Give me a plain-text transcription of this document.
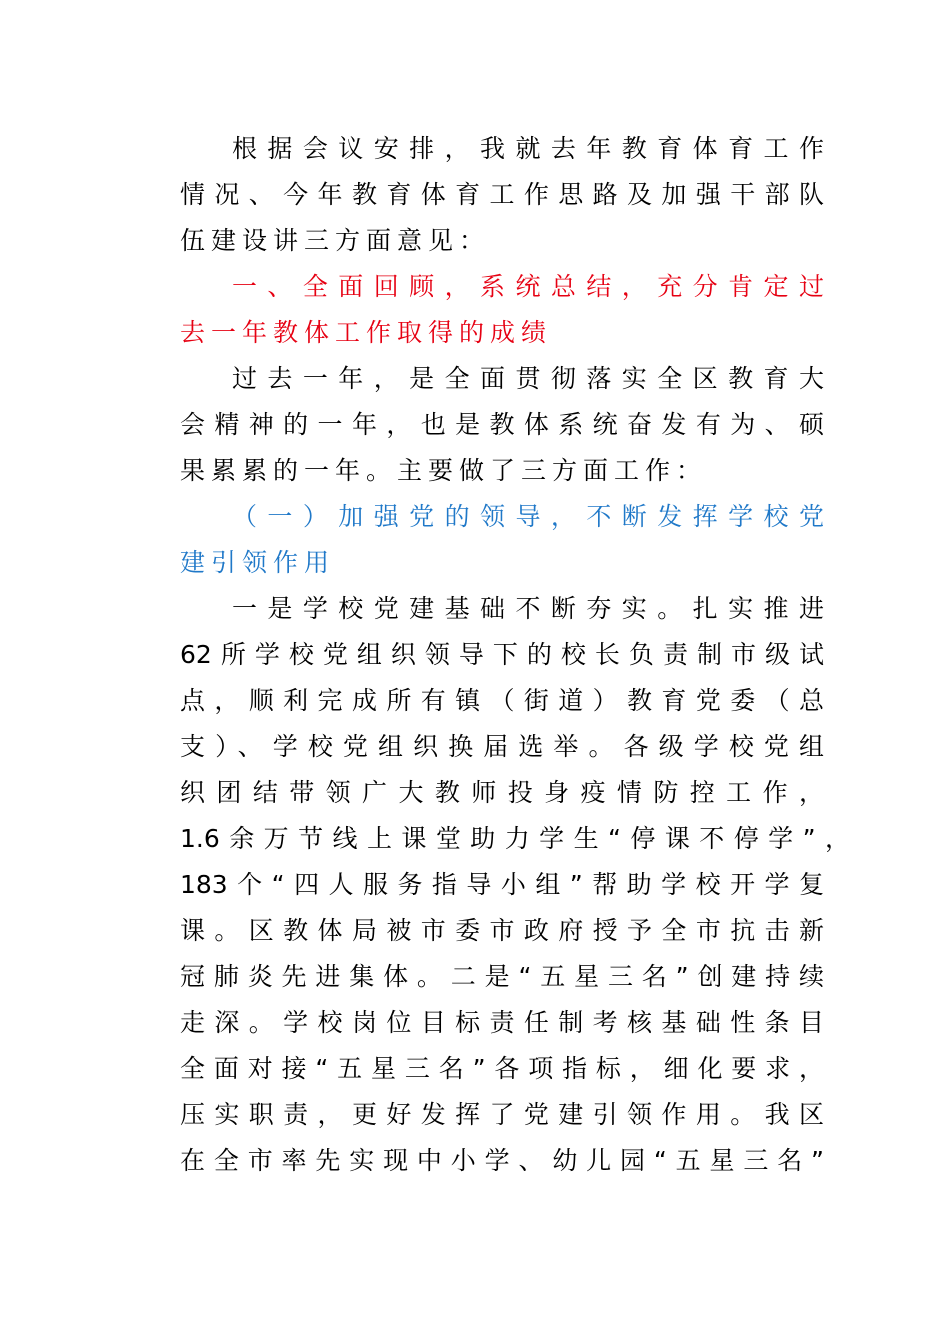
根据会议安排，我就去年教育体育工作
情况、今年教育体育工作思路及加强干部队
伍建设讲三方面意见：
一、全面回顾，系统总结，充分肯定过
去一年教体工作取得的成绩
过去一年，是全面贯彻落实全区教育大
会精神的一年，也是教体系统奋发有为、硕
果累累的一年。主要做了三方面工作：
（一）加强党的领导，不断发挥学校党
建引领作用
一是学校党建基础不断夯实。扎实推进
62所学校党组织领导下的校长负责制市级试
点，顺利完成所有镇（街道）教育党委（总
支）、学校党组织换届选举。各级学校党组
织团结带领广大教师投身疫情防控工作，
1.6余万节线上课堂助力学生“停课不停学”，
183个“四人服务指导小组”帮助学校开学复
课。区教体局被市委市政府授予全市抗击新
冠肺炎先进集体。二是“五星三名”创建持续
走深。学校岗位目标责任制考核基础性条目
全面对接“五星三名”各项指标，细化要求，
压实职责，更好发挥了党建引领作用。我区
在全市率先实现中小学、幼儿园“五星三名”
